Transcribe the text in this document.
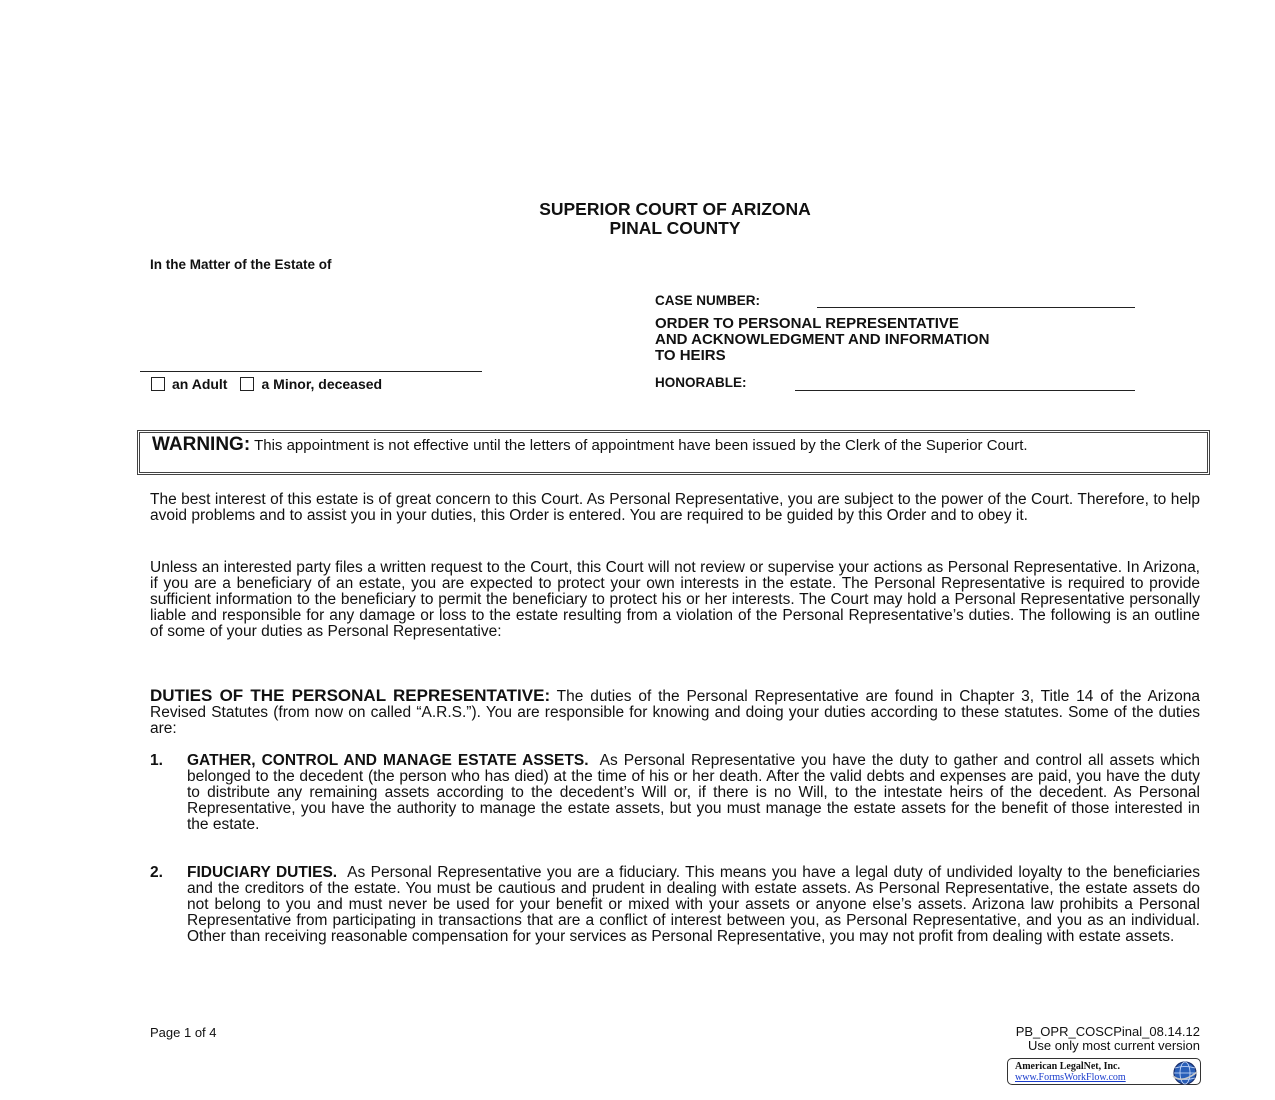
SUPERIOR COURT OF ARIZONA
PINAL COUNTY
In the Matter of the Estate of
an Adult a Minor, deceased
CASE NUMBER:
ORDER TO PERSONAL REPRESENTATIVE
AND ACKNOWLEDGMENT AND INFORMATION
TO HEIRS
HONORABLE:
WARNING: This appointment is not effective until the letters of appointment have been issued by the Clerk of the Superior Court.
The best interest of this estate is of great concern to this Court. As Personal Representative, you are subject to the power of the Court. Therefore, to help avoid problems and to assist you in your duties, this Order is entered. You are required to be guided by this Order and to obey it.
Unless an interested party files a written request to the Court, this Court will not review or supervise your actions as Personal Representative. In Arizona, if you are a beneficiary of an estate, you are expected to protect your own interests in the estate. The Personal Representative is required to provide sufficient information to the beneficiary to permit the beneficiary to protect his or her interests. The Court may hold a Personal Representative personally liable and responsible for any damage or loss to the estate resulting from a violation of the Personal Representative’s duties. The following is an outline of some of your duties as Personal Representative:
DUTIES OF THE PERSONAL REPRESENTATIVE: The duties of the Personal Representative are found in Chapter 3, Title 14 of the Arizona Revised Statutes (from now on called “A.R.S.”). You are responsible for knowing and doing your duties according to these statutes. Some of the duties are:
1.	GATHER, CONTROL AND MANAGE ESTATE ASSETS. As Personal Representative you have the duty to gather and control all assets which belonged to the decedent (the person who has died) at the time of his or her death. After the valid debts and expenses are paid, you have the duty to distribute any remaining assets according to the decedent’s Will or, if there is no Will, to the intestate heirs of the decedent. As Personal Representative, you have the authority to manage the estate assets, but you must manage the estate assets for the benefit of those interested in the estate.
2.	FIDUCIARY DUTIES. As Personal Representative you are a fiduciary. This means you have a legal duty of undivided loyalty to the beneficiaries and the creditors of the estate. You must be cautious and prudent in dealing with estate assets. As Personal Representative, the estate assets do not belong to you and must never be used for your benefit or mixed with your assets or anyone else’s assets. Arizona law prohibits a Personal Representative from participating in transactions that are a conflict of interest between you, as Personal Representative, and you as an individual. Other than receiving reasonable compensation for your services as Personal Representative, you may not profit from dealing with estate assets.
Page 1 of 4	PB_OPR_COSCPinal_08.14.12
Use only most current version
American LegalNet, Inc.
www.FormsWorkFlow.com
